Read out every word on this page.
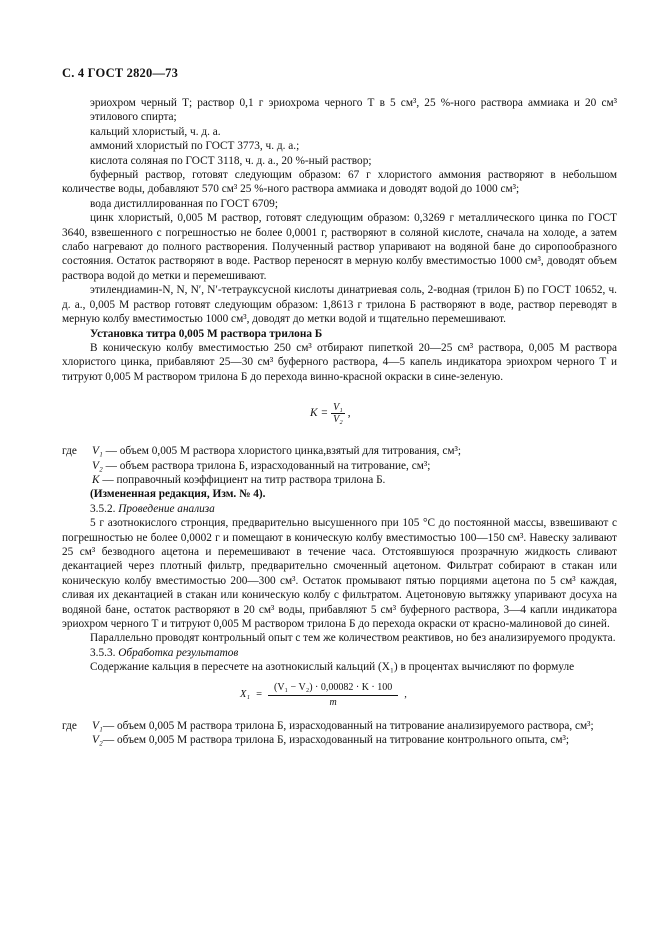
С. 4 ГОСТ 2820—73

эриохром черный Т; раствор 0,1 г эриохрома черного Т в 5 см³, 25 %-ного раствора аммиака и 20 см³ этилового спирта;

кальций хлористый, ч. д. а.

аммоний хлористый по ГОСТ 3773, ч. д. а.;

кислота соляная по ГОСТ 3118, ч. д. а., 20 %-ный раствор;

буферный раствор, готовят следующим образом: 67 г хлористого аммония растворяют в небольшом количестве воды, добавляют 570 см³ 25 %-ного раствора аммиака и доводят водой до 1000 см³;

вода дистиллированная по ГОСТ 6709;

цинк хлористый, 0,005 М раствор, готовят следующим образом: 0,3269 г металлического цинка по ГОСТ 3640, взвешенного с погрешностью не более 0,0001 г, растворяют в соляной кислоте, сначала на холоде, а затем слабо нагревают до полного растворения. Полученный раствор упаривают на водяной бане до сиропообразного состояния. Остаток растворяют в воде. Раствор переносят в мерную колбу вместимостью 1000 см³, доводят объем раствора водой до метки и перемешивают.

этилендиамин-N, N, N′, N′-тетрауксусной кислоты динатриевая соль, 2-водная (трилон Б) по ГОСТ 10652, ч. д. а., 0,005 М раствор готовят следующим образом: 1,8613 г трилона Б растворяют в воде, раствор переводят в мерную колбу вместимостью 1000 см³, доводят до метки водой и тщательно перемешивают.

Установка титра 0,005 М раствора трилона Б

В коническую колбу вместимостью 250 см³ отбирают пипеткой 20—25 см³ раствора, 0,005 М раствора хлористого цинка, прибавляют 25—30 см³ буферного раствора, 4—5 капель индикатора эриохром черного Т и титруют 0,005 М раствором трилона Б до перехода винно-красной окраски в сине-зеленую.

$K = \frac{\text{V₁}}{\text{V₂}}$ ,
где	V₁ — объем 0,005 М раствора хлористого цинка,взятый для титрования, см³;
V₂ — объем раствора трилона Б, израсходованный на титрование, см³;
K — поправочный коэффициент на титр раствора трилона Б.

(Измененная редакция, Изм. № 4).

3.5.2. Проведение анализа

5 г азотнокислого стронция, предварительно высушенного при 105 °С до постоянной массы, взвешивают с погрешностью не более 0,0002 г и помещают в коническую колбу вместимостью 100—150 см³. Навеску заливают 25 см³ безводного ацетона и перемешивают в течение часа. Отстоявшуюся прозрачную жидкость сливают декантацией через плотный фильтр, предварительно смоченный ацетоном. Фильтрат собирают в стакан или коническую колбу вместимостью 200—300 см³. Остаток промывают пятью порциями ацетона по 5 см³ каждая, сливая их декантацией в стакан или коническую колбу с фильтратом. Ацетоновую вытяжку упаривают досуха на водяной бане, остаток растворяют в 20 см³ воды, прибавляют 5 см³ буферного раствора, 3—4 капли индикатора эриохром черного Т и титруют 0,005 М раствором трилона Б до перехода окраски от красно-малиновой до синей.

Параллельно проводят контрольный опыт с тем же количеством реактивов, но без анализируемого продукта.

3.5.3. Обработка результатов

Содержание кальция в пересчете на азотнокислый кальций (X₁) в процентах вычисляют по формуле

$X_1 = \frac{\text{(V₁ − V₂) · 0,00082 · K · 100}}{m}$ ,
где	V₁— объем 0,005 М раствора трилона Б, израсходованный на титрование анализируемого раствора, см³;
V₂— объем 0,005 М раствора трилона Б, израсходованный на титрование контрольного опыта, см³;
